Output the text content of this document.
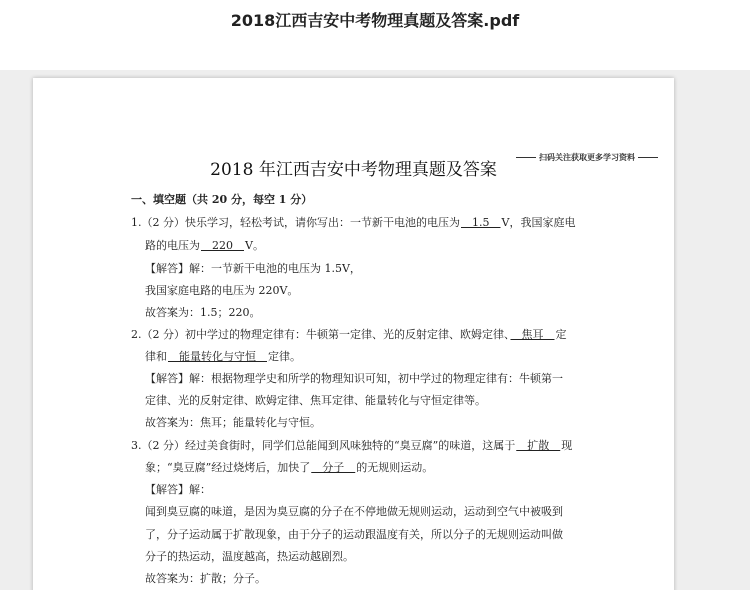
2018江西吉安中考物理真题及答案.pdf
扫码关注获取更多学习资料
2018 年江西吉安中考物理真题及答案
一、填空题（共 20 分，每空 1 分）
1.（2 分）快乐学习，轻松考试，请你写出：一节新干电池的电压为　1.5　V，我国家庭电
路的电压为　220　V。
【解答】解：一节新干电池的电压为 1.5V，
我国家庭电路的电压为 220V。
故答案为：1.5；220。
2.（2 分）初中学过的物理定律有：牛顿第一定律、光的反射定律、欧姆定律、　焦耳　定
律和　能量转化与守恒　定律。
【解答】解：根据物理学史和所学的物理知识可知，初中学过的物理定律有：牛顿第一
定律、光的反射定律、欧姆定律、焦耳定律、能量转化与守恒定律等。
故答案为：焦耳；能量转化与守恒。
3.（2 分）经过美食街时，同学们总能闻到风味独特的“臭豆腐”的味道，这属于　扩散　现
象；“臭豆腐”经过烧烤后，加快了　分子　的无规则运动。
【解答】解：
闻到臭豆腐的味道，是因为臭豆腐的分子在不停地做无规则运动，运动到空气中被吸到
了，分子运动属于扩散现象，由于分子的运动跟温度有关，所以分子的无规则运动叫做
分子的热运动，温度越高，热运动越剧烈。
故答案为：扩散；分子。
